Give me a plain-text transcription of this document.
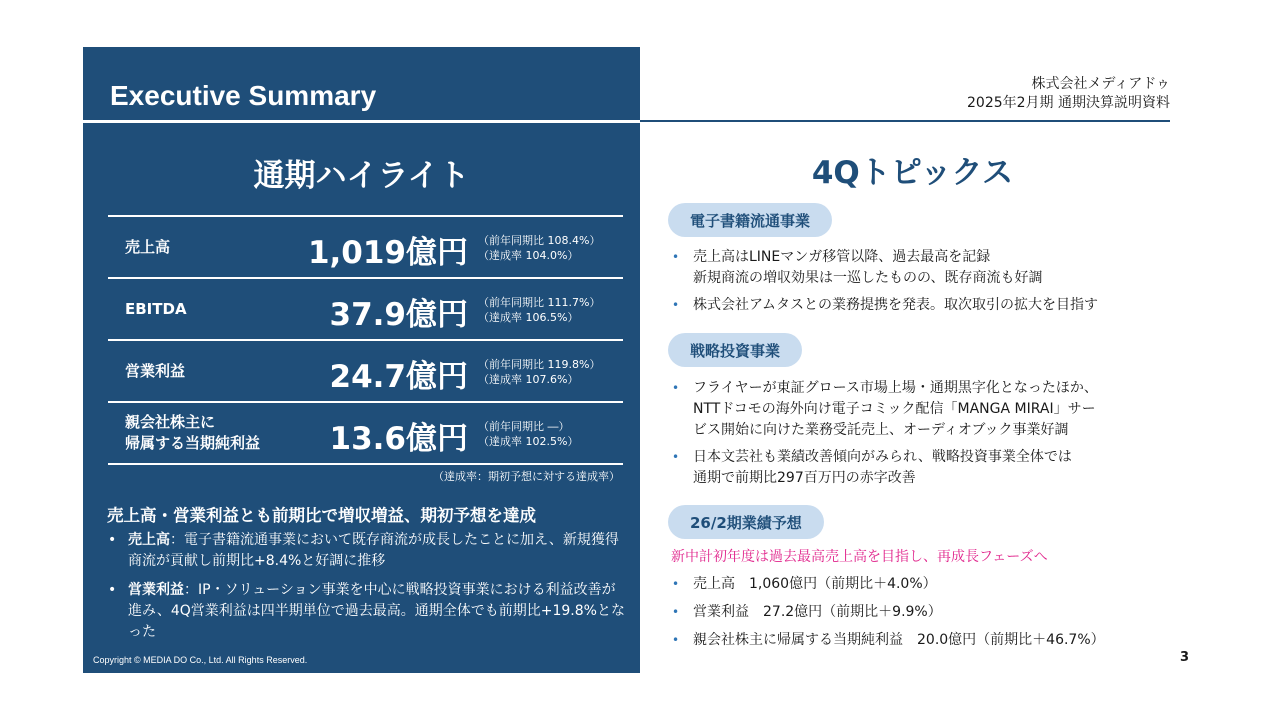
Executive Summary	株式会社メディアドゥ
2025年2月期 通期決算説明資料
通期ハイライト
売上高	1,019億円 （前年同期比 108.4%）
（達成率 104.0%）
EBITDA	37.9億円 （前年同期比 111.7%）
（達成率 106.5%）
営業利益	24.7億円 （前年同期比 119.8%）
（達成率 107.6%）
親会社株主に
帰属する当期純利益 13.6億円 （前年同期比 ―）
（達成率 102.5%）
（達成率：期初予想に対する達成率）
売上高・営業利益とも前期比で増収増益、期初予想を達成
• 売上高：電子書籍流通事業において既存商流が成長したことに加え、新規獲得商流が貢献し前期比+8.4%と好調に推移
• 営業利益：IP・ソリューション事業を中心に戦略投資事業における利益改善が進み、4Q営業利益は四半期単位で過去最高。通期全体でも前期比+19.8%となった
Copyright © MEDIA DO Co., Ltd. All Rights Reserved.
4Qトピックス
電子書籍流通事業
• 売上高はLINEマンガ移管以降、過去最高を記録
新規商流の増収効果は一巡したものの、既存商流も好調
• 株式会社アムタスとの業務提携を発表。取次取引の拡大を目指す
戦略投資事業
• フライヤーが東証グロース市場上場・通期黒字化となったほか、
NTTドコモの海外向け電子コミック配信「MANGA MIRAI」サー
ビス開始に向けた業務受託売上、オーディオブック事業好調
• 日本文芸社も業績改善傾向がみられ、戦略投資事業全体では
通期で前期比297百万円の赤字改善
26/2期業績予想
新中計初年度は過去最高売上高を目指し、再成長フェーズへ
• 売上高　1,060億円（前期比＋4.0%）
• 営業利益　27.2億円（前期比＋9.9%）
• 親会社株主に帰属する当期純利益　20.0億円（前期比＋46.7%）
3
